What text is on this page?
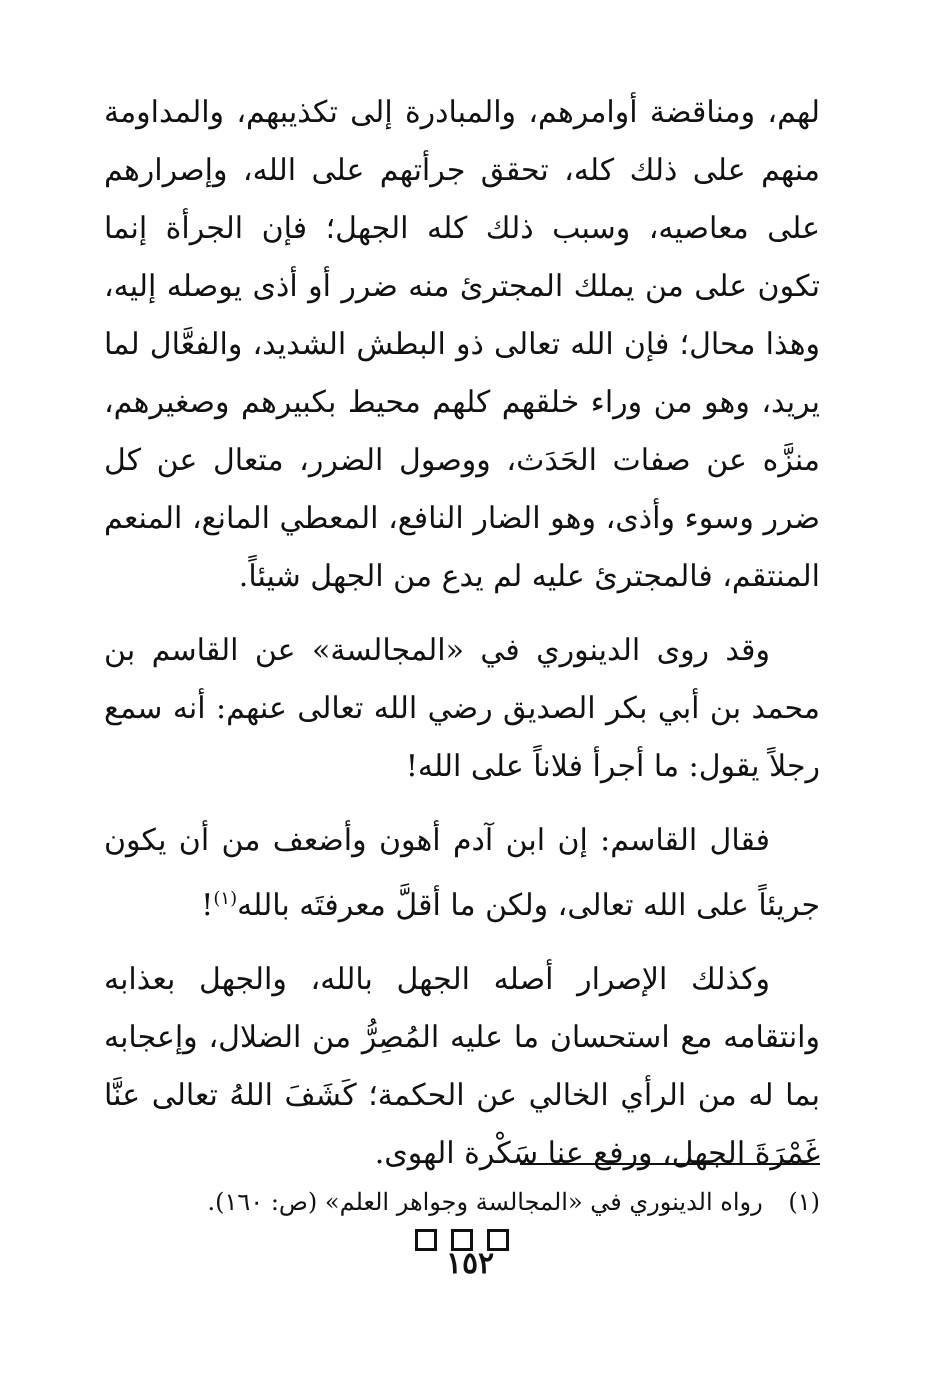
لهم، ومناقضة أوامرهم، والمبادرة إلى تكذيبهم، والمداومة منهم على ذلك كله، تحقق جرأتهم على الله، وإصرارهم على معاصيه، وسبب ذلك كله الجهل؛ فإن الجرأة إنما تكون على من يملك المجترئ منه ضرر أو أذى يوصله إليه، وهذا محال؛ فإن الله تعالى ذو البطش الشديد، والفعَّال لما يريد، وهو من وراء خلقهم كلهم محيط بكبيرهم وصغيرهم، منزَّه عن صفات الحَدَث، ووصول الضرر، متعال عن كل ضرر وسوء وأذى، وهو الضار النافع، المعطي المانع، المنعم المنتقم، فالمجترئ عليه لم يدع من الجهل شيئاً.

وقد روى الدينوري في «المجالسة» عن القاسم بن محمد بن أبي بكر الصديق رضي الله تعالى عنهم: أنه سمع رجلاً يقول: ما أجرأ فلاناً على الله!

فقال القاسم: إن ابن آدم أهون وأضعف من أن يكون جريئاً على الله تعالى، ولكن ما أقلَّ معرفتَه بالله$^{(١)}$!

وكذلك الإصرار أصله الجهل بالله، والجهل بعذابه وانتقامه مع استحسان ما عليه المُصِرُّ من الضلال، وإعجابه بما له من الرأي الخالي عن الحكمة؛ كَشَفَ اللهُ تعالى عنَّا غَمْرَةَ الجهل، ورفع عنا سَكْرة الهوى.

(١) رواه الدينوري في «المجالسة وجواهر العلم» (ص: ١٦٠).
١٥٢
